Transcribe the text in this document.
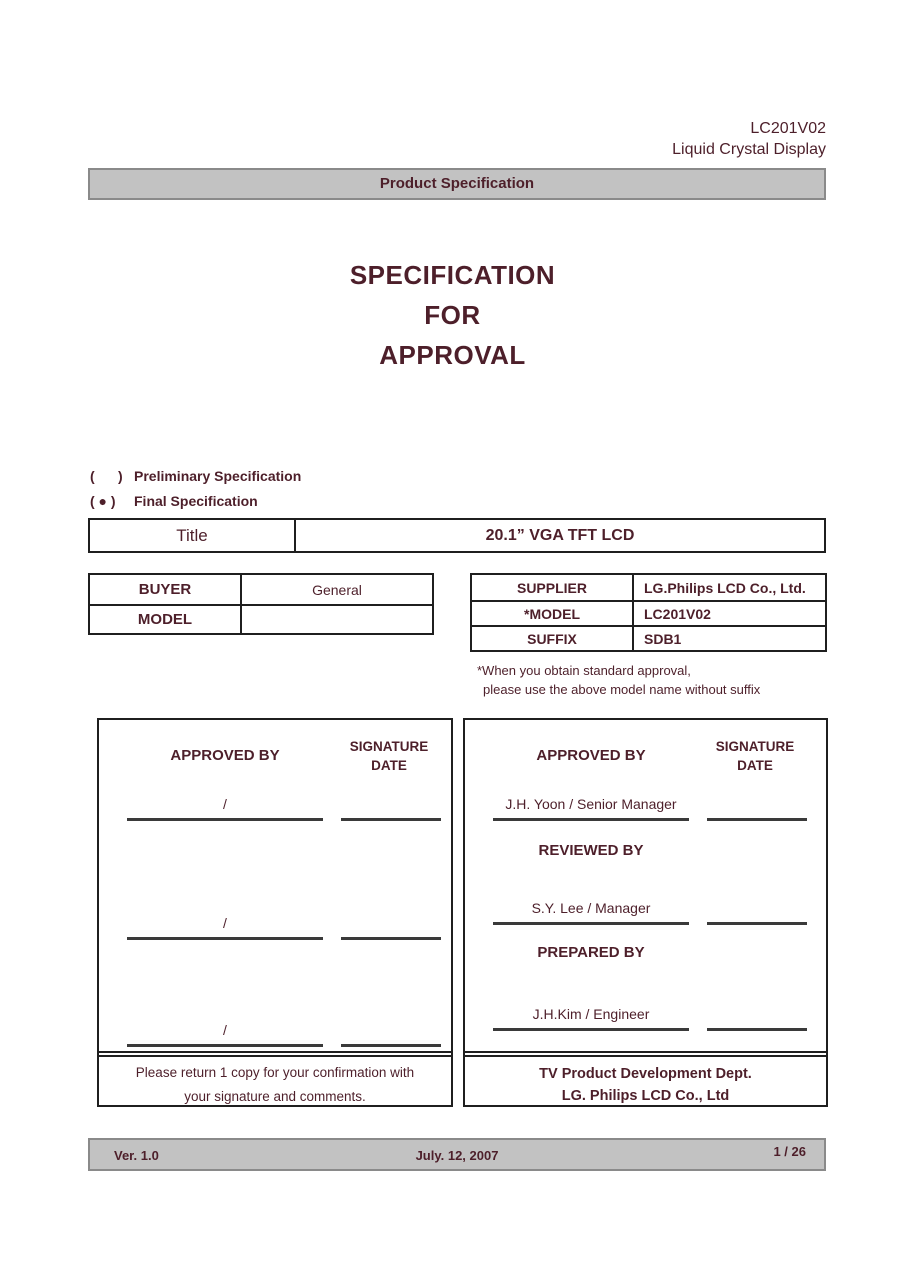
LC201V02
Liquid Crystal Display
Product Specification
SPECIFICATION
FOR
APPROVAL
(      ) Preliminary Specification
( ● )	Final Specification
Title	20.1” VGA TFT LCD
BUYER	General
MODEL
SUPPLIER	LG.Philips LCD Co., Ltd.
*MODEL	LC201V02
SUFFIX	SDB1
*When you obtain standard approval,
please use the above model name without suffix
APPROVED BY
SIGNATURE
DATE
/
/
/
Please return 1 copy for your confirmation with
your signature and comments.
APPROVED BY
SIGNATURE
DATE
J.H. Yoon / Senior Manager
REVIEWED BY
S.Y. Lee / Manager
PREPARED BY
J.H.Kim / Engineer
TV Product Development Dept.
LG. Philips LCD Co., Ltd
Ver. 1.0	July. 12, 2007	1 / 26
